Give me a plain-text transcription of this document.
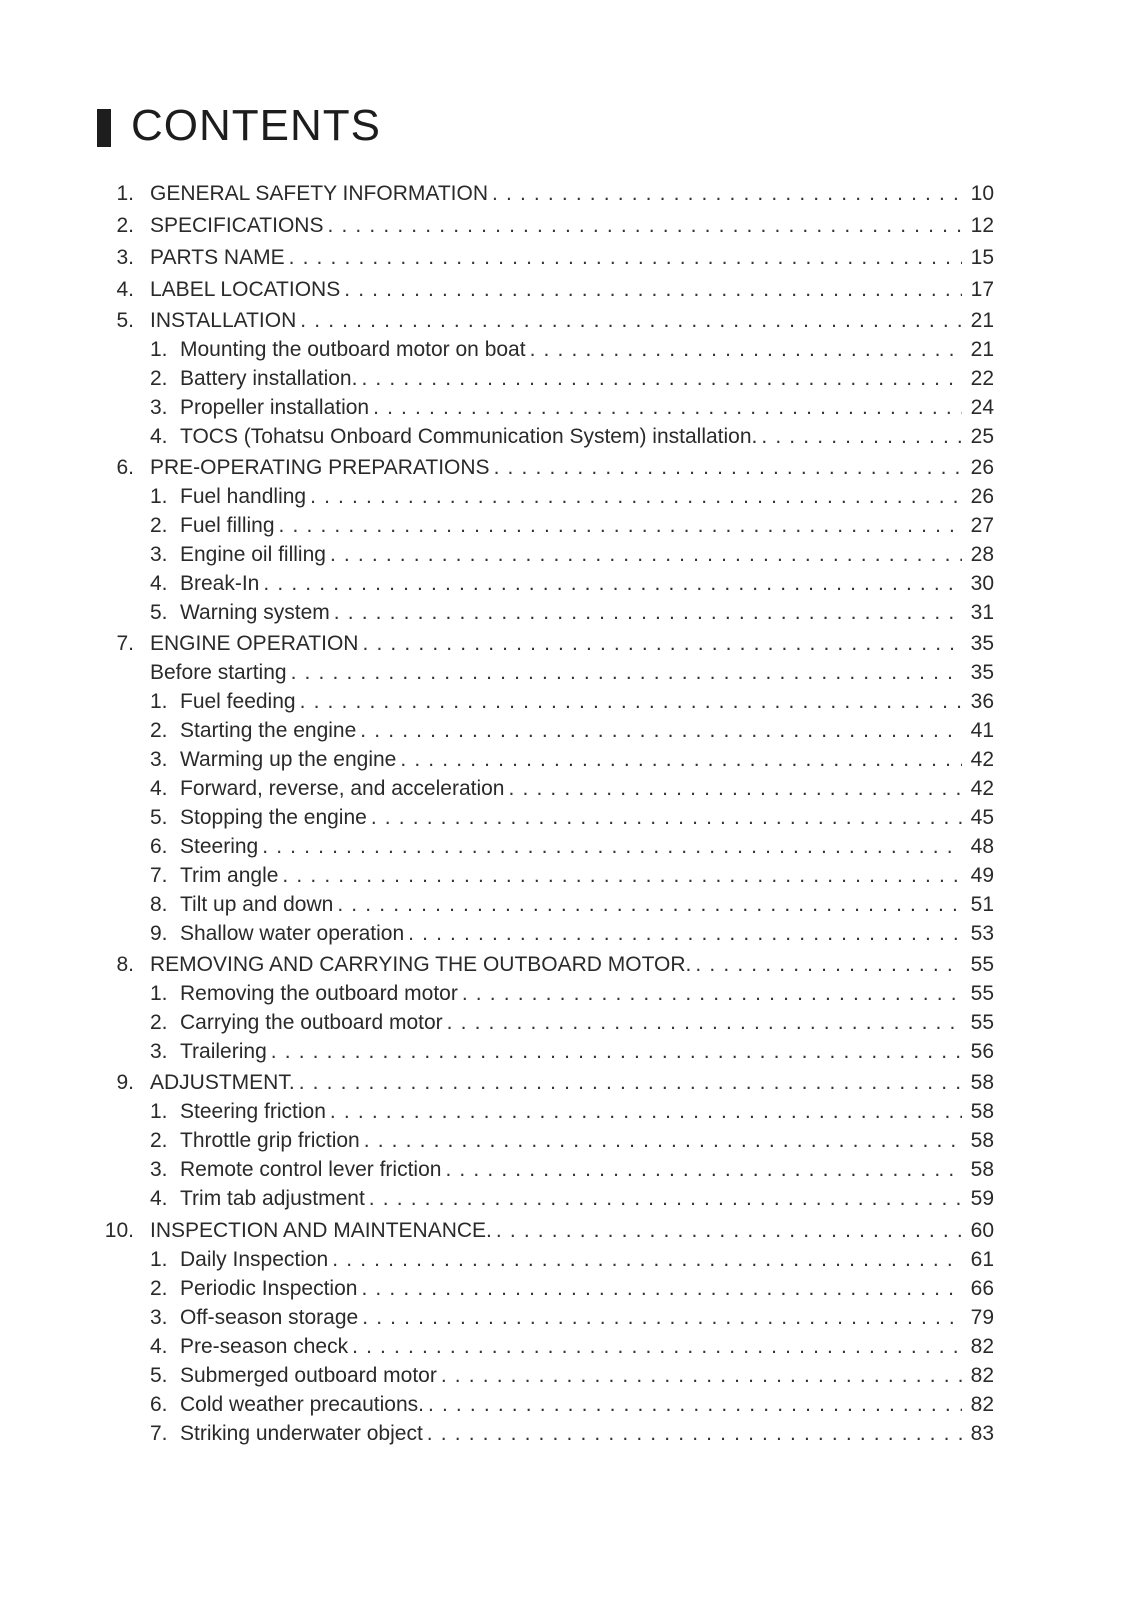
CONTENTS
1. GENERAL SAFETY INFORMATION . . .	10
2. SPECIFICATIONS . . .	12
3. PARTS NAME . . .	15
4. LABEL LOCATIONS . . .	17
5. INSTALLATION . . .	21
1. Mounting the outboard motor on boat . . .	21
2. Battery installation. . . .	22
3. Propeller installation . . .	24
4. TOCS (Tohatsu Onboard Communication System) installation. . . .	25
6. PRE-OPERATING PREPARATIONS . . .	26
1. Fuel handling . . .	26
2. Fuel filling . . .	27
3. Engine oil filling . . .	28
4. Break-In . . .	30
5. Warning system . . .	31
7. ENGINE OPERATION . . .	35
Before starting . . .	35
1. Fuel feeding . . .	36
2. Starting the engine . . .	41
3. Warming up the engine . . .	42
4. Forward, reverse, and acceleration . . .	42
5. Stopping the engine . . .	45
6. Steering . . .	48
7. Trim angle . . .	49
8. Tilt up and down . . .	51
9. Shallow water operation . . .	53
8. REMOVING AND CARRYING THE OUTBOARD MOTOR. . . .	55
1. Removing the outboard motor . . .	55
2. Carrying the outboard motor . . .	55
3. Trailering . . .	56
9. ADJUSTMENT. . . .	58
1. Steering friction . . .	58
2. Throttle grip friction . . .	58
3. Remote control lever friction . . .	58
4. Trim tab adjustment . . .	59
10. INSPECTION AND MAINTENANCE. . . .	60
1. Daily Inspection . . .	61
2. Periodic Inspection . . .	66
3. Off-season storage . . .	79
4. Pre-season check . . .	82
5. Submerged outboard motor . . .	82
6. Cold weather precautions. . . .	82
7. Striking underwater object . . .	83
